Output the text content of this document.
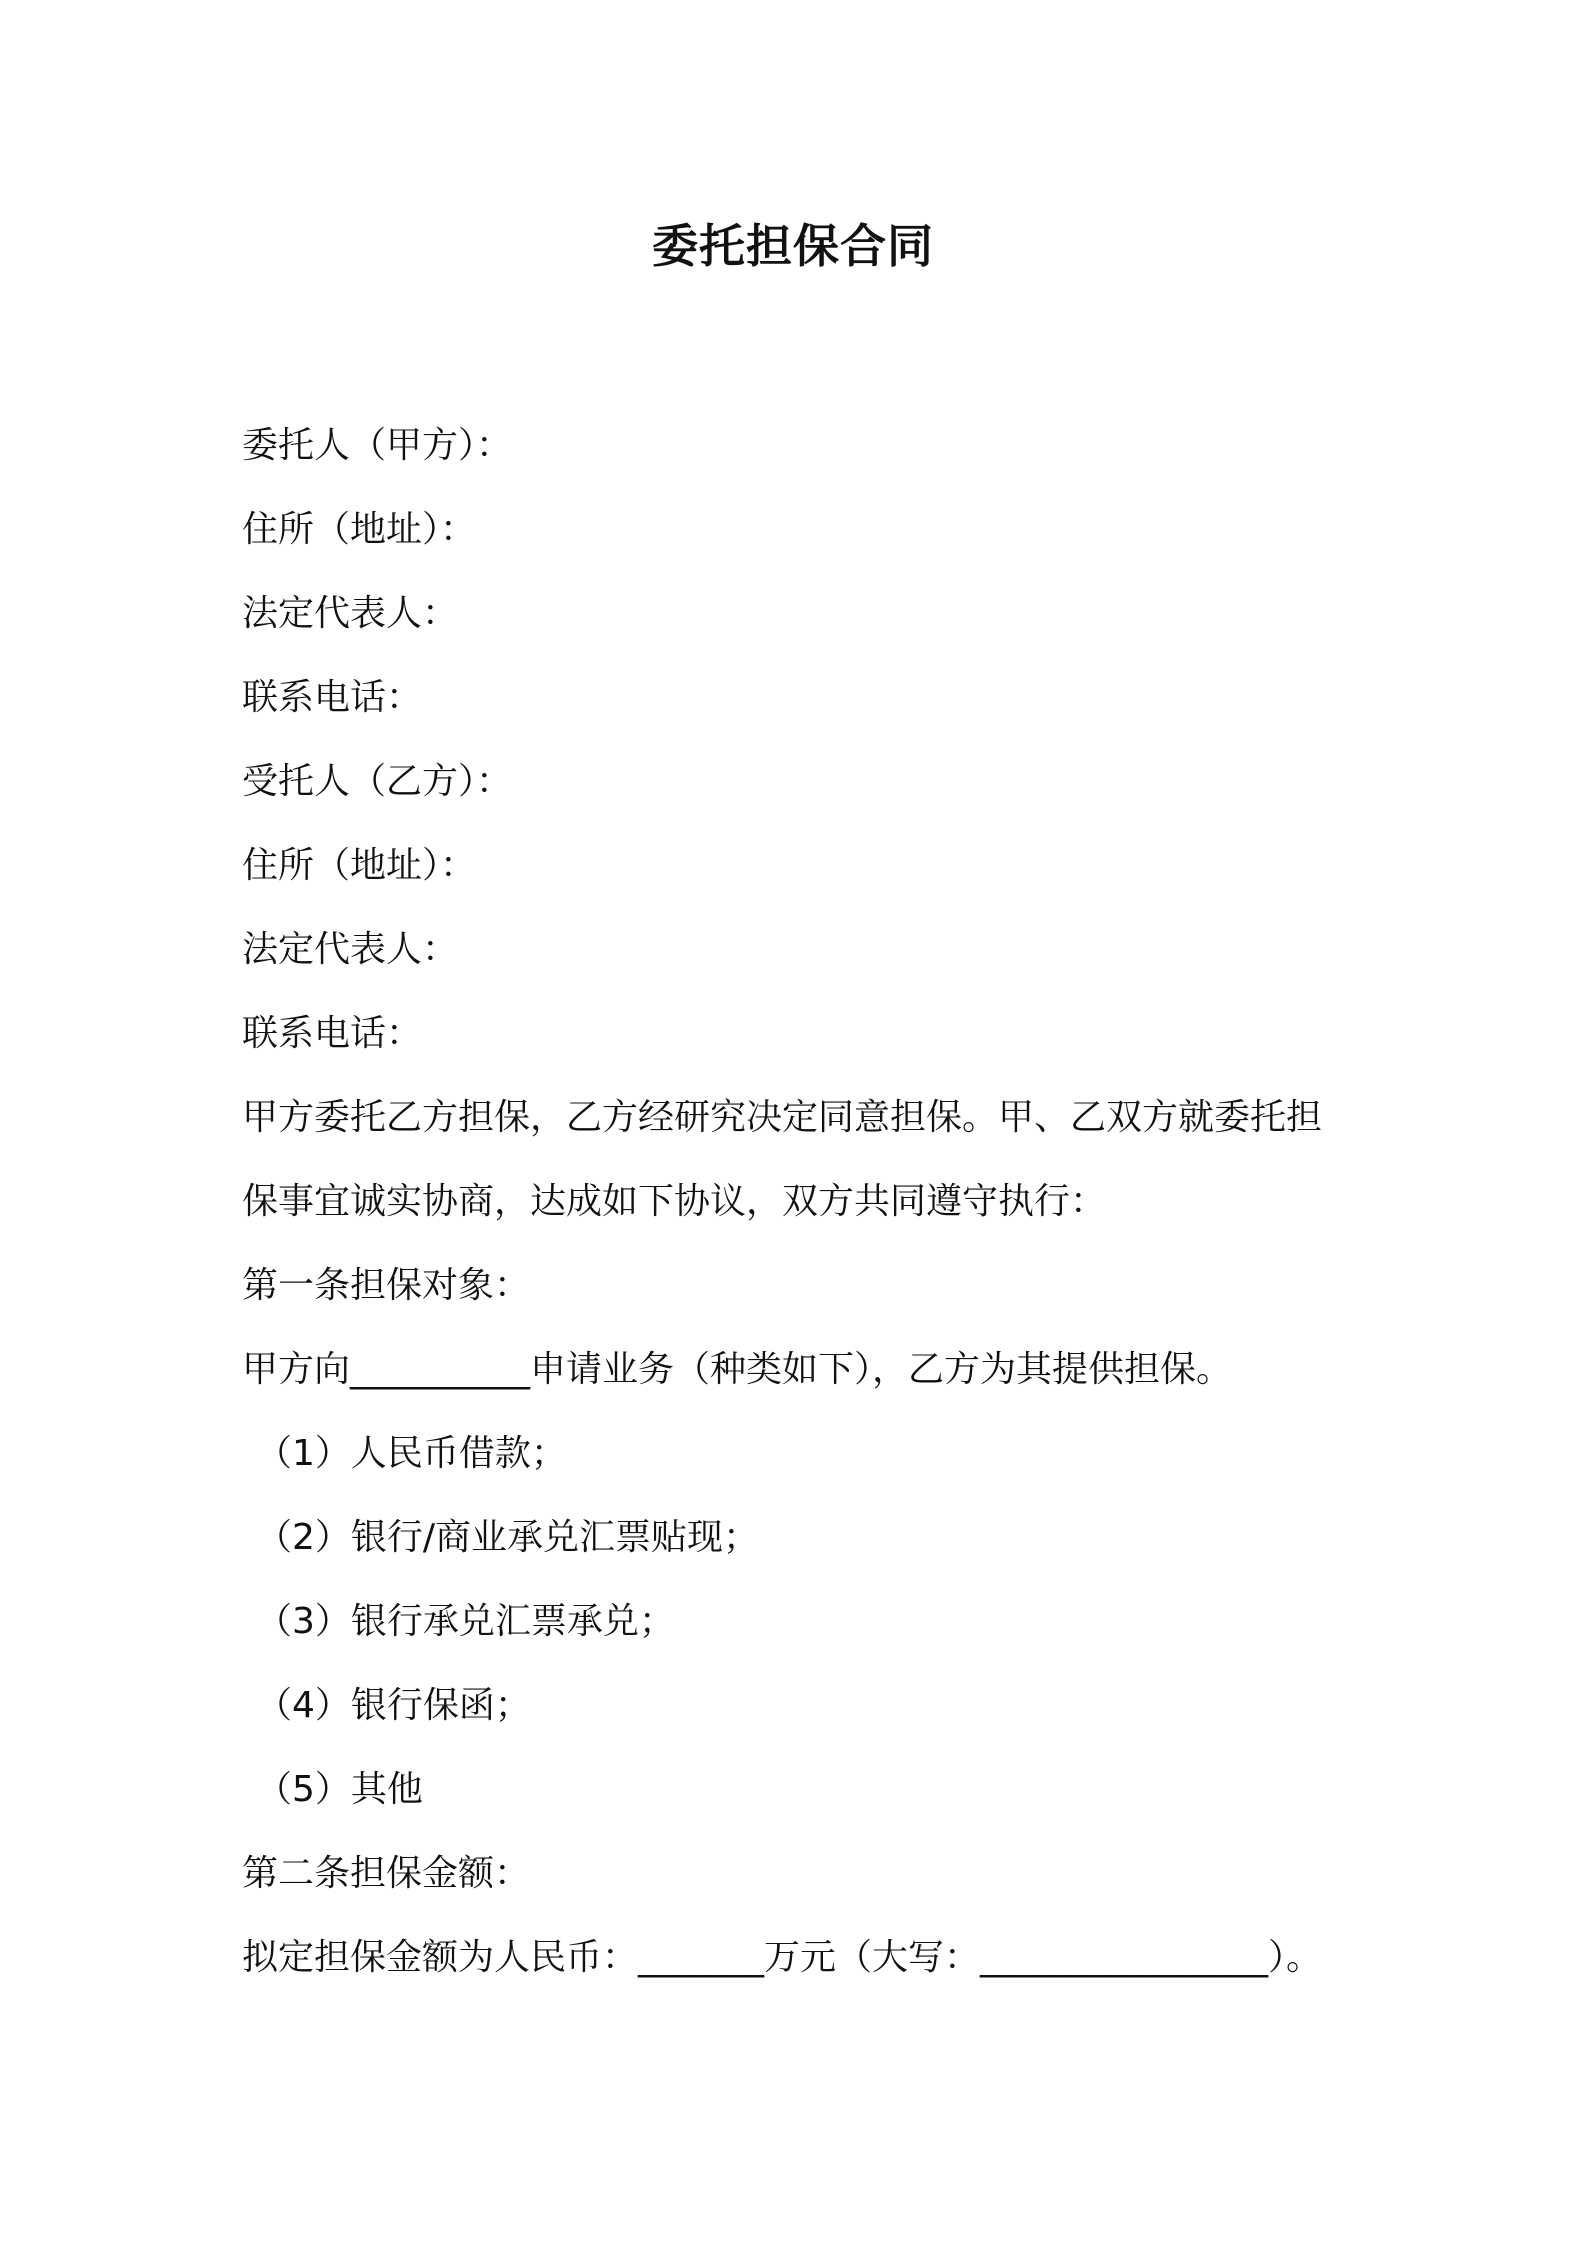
委托担保合同
委托人（甲方）：
住所（地址）：
法定代表人：
联系电话：
受托人（乙方）：
住所（地址）：
法定代表人：
联系电话：
甲方委托乙方担保，乙方经研究决定同意担保。甲、乙双方就委托担
保事宜诚实协商，达成如下协议，双方共同遵守执行：
第一条担保对象：
甲方向__________申请业务（种类如下），乙方为其提供担保。
（1）人民币借款；
（2）银行/商业承兑汇票贴现；
（3）银行承兑汇票承兑；
（4）银行保函；
（5）其他
第二条担保金额：
拟定担保金额为人民币：_______万元（大写：________________）。
